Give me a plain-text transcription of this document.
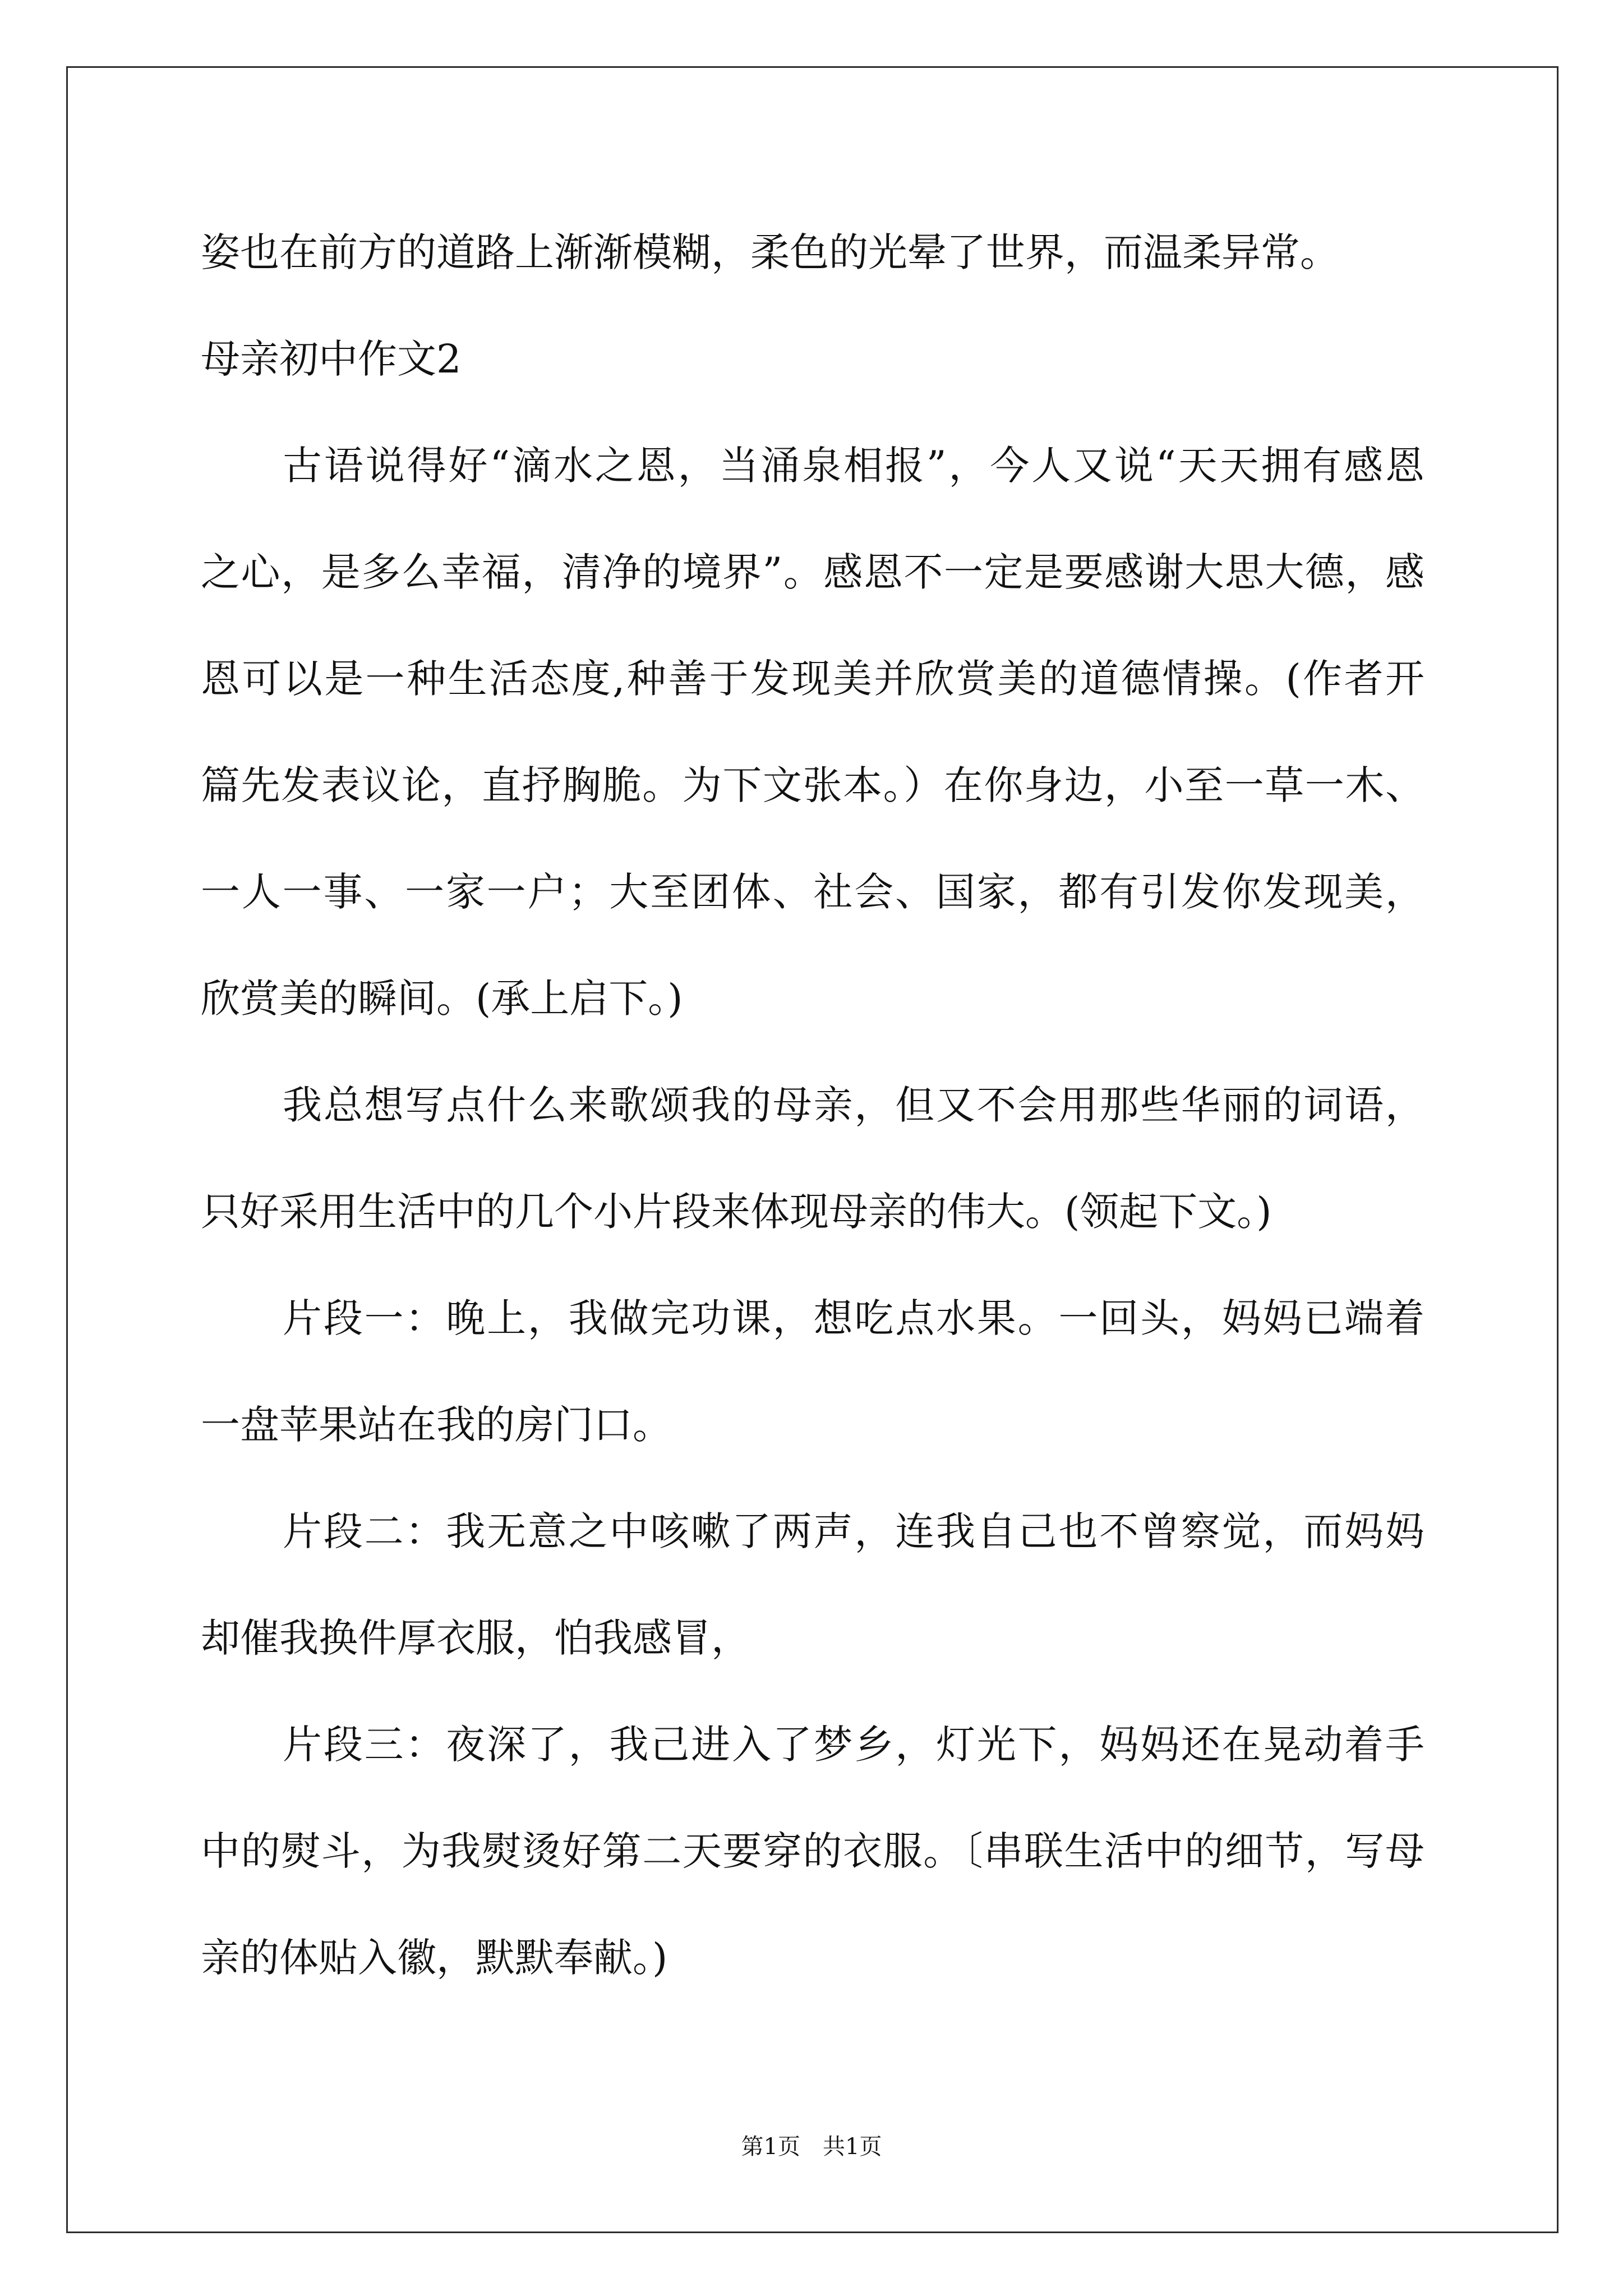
姿也在前方的道路上渐渐模糊，柔色的光晕了世界，而温柔异常。
母亲初中作文2
古语说得好“滴水之恩，当涌泉相报”，今人又说“天天拥有感恩
之心，是多么幸福，清净的境界”。感恩不一定是要感谢大思大德，感
恩可以是一种生活态度,种善于发现美并欣赏美的道德情操。(作者开
篇先发表议论，直抒胸脆。为下文张本。）在你身边，小至一草一木、
一人一事、一家一户；大至团体、社会、国家，都有引发你发现美，
欣赏美的瞬间。(承上启下。)
我总想写点什么来歌颂我的母亲，但又不会用那些华丽的词语，
只好采用生活中的几个小片段来体现母亲的伟大。(领起下文。)
片段一：晚上，我做完功课，想吃点水果。一回头，妈妈已端着
一盘苹果站在我的房门口。
片段二：我无意之中咳嗽了两声，连我自己也不曾察觉，而妈妈
却催我换件厚衣服，怕我感冒，
片段三：夜深了，我己进入了梦乡，灯光下，妈妈还在晃动着手
中的熨斗，为我熨烫好第二天要穿的衣服。〔串联生活中的细节，写母
亲的体贴入徽，默默奉献。)
第1页 共1页
